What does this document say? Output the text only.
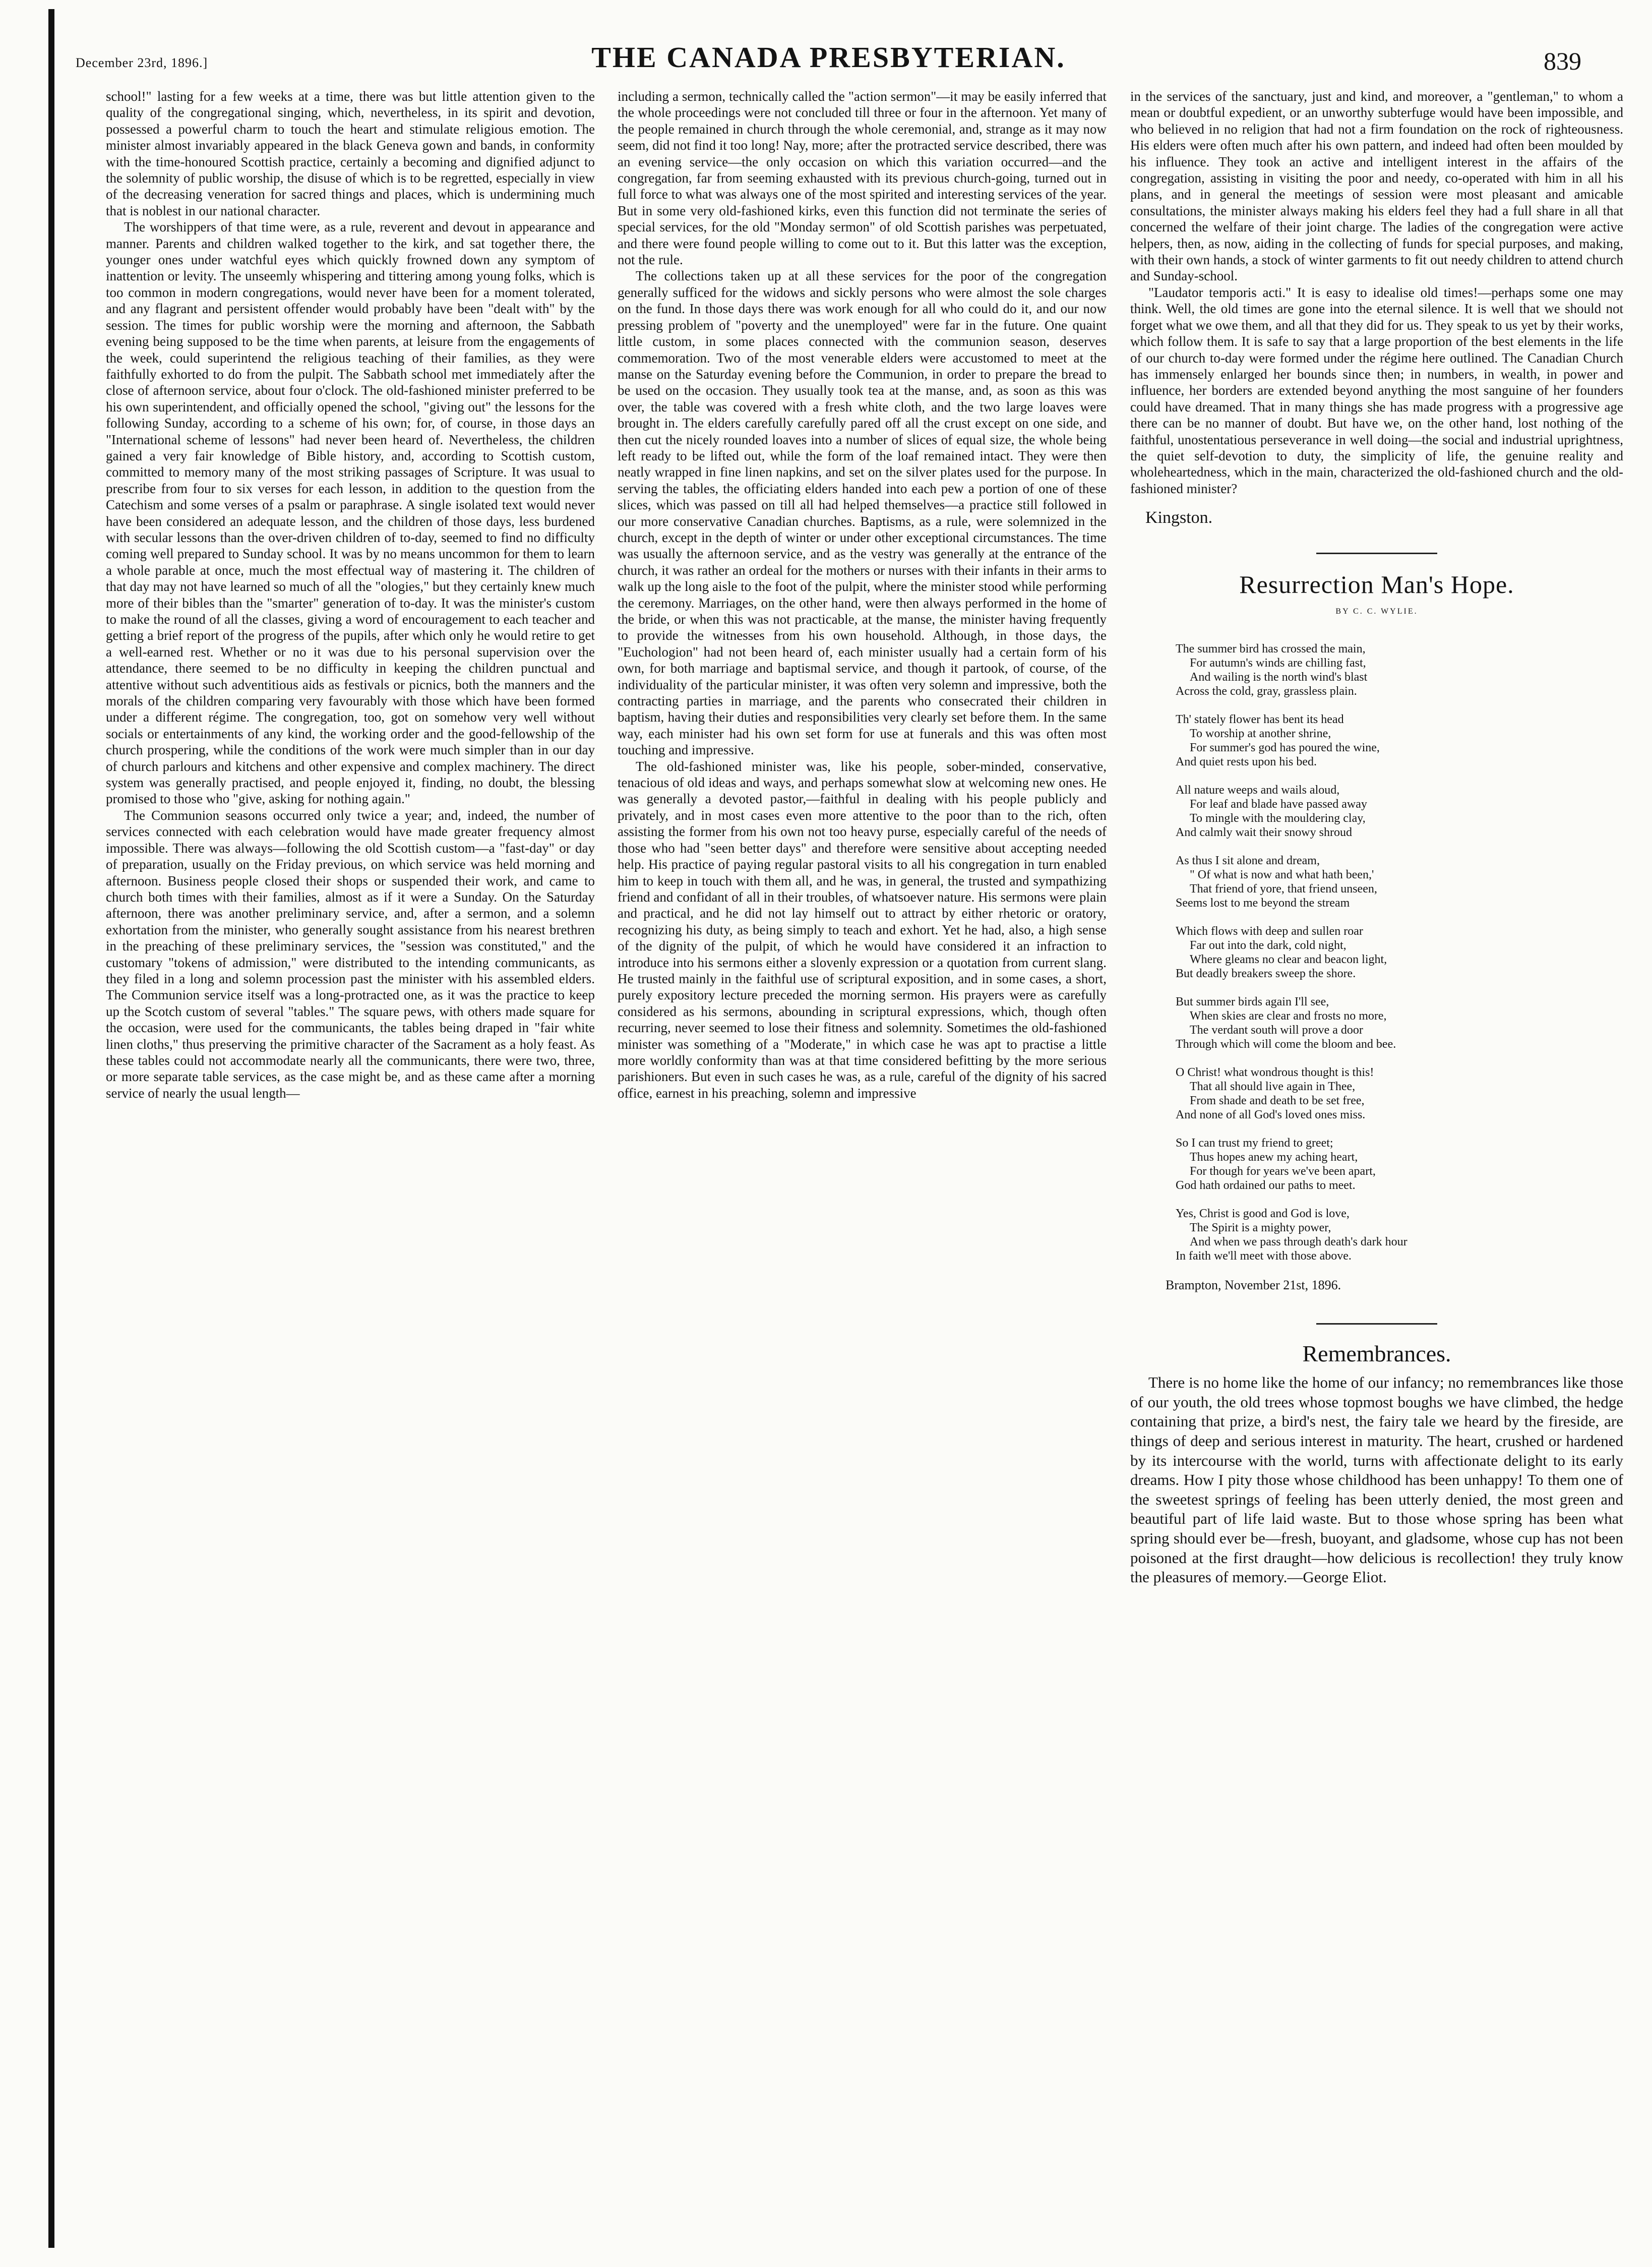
December 23rd, 1896.]	THE CANADA PRESBYTERIAN.	839

school!" lasting for a few weeks at a time, there was but little attention given to the quality of the congregational singing, which, nevertheless, in its spirit and devotion, possessed a powerful charm to touch the heart and stimulate religious emotion. The minister almost invariably appeared in the black Geneva gown and bands, in conformity with the time-honoured Scottish practice, certainly a becoming and dignified adjunct to the solemnity of public worship, the disuse of which is to be regretted, especially in view of the decreasing veneration for sacred things and places, which is undermining much that is noblest in our national character.

The worshippers of that time were, as a rule, reverent and devout in appearance and manner. Parents and children walked together to the kirk, and sat together there, the younger ones under watchful eyes which quickly frowned down any symptom of inattention or levity. The unseemly whispering and tittering among young folks, which is too common in modern congregations, would never have been for a moment tolerated, and any flagrant and persistent offender would probably have been "dealt with" by the session. The times for public worship were the morning and afternoon, the Sabbath evening being supposed to be the time when parents, at leisure from the engagements of the week, could superintend the religious teaching of their families, as they were faithfully exhorted to do from the pulpit. The Sabbath school met immediately after the close of afternoon service, about four o'clock. The old-fashioned minister preferred to be his own superintendent, and officially opened the school, "giving out" the lessons for the following Sunday, according to a scheme of his own; for, of course, in those days an "International scheme of lessons" had never been heard of. Nevertheless, the children gained a very fair knowledge of Bible history, and, according to Scottish custom, committed to memory many of the most striking passages of Scripture. It was usual to prescribe from four to six verses for each lesson, in addition to the question from the Catechism and some verses of a psalm or paraphrase. A single isolated text would never have been considered an adequate lesson, and the children of those days, less burdened with secular lessons than the over-driven children of to-day, seemed to find no difficulty coming well prepared to Sunday school. It was by no means uncommon for them to learn a whole parable at once, much the most effectual way of mastering it. The children of that day may not have learned so much of all the "ologies," but they certainly knew much more of their bibles than the "smarter" generation of to-day. It was the minister's custom to make the round of all the classes, giving a word of encouragement to each teacher and getting a brief report of the progress of the pupils, after which only he would retire to get a well-earned rest. Whether or no it was due to his personal supervision over the attendance, there seemed to be no difficulty in keeping the children punctual and attentive without such adventitious aids as festivals or picnics, both the manners and the morals of the children comparing very favourably with those which have been formed under a different régime. The congregation, too, got on somehow very well without socials or entertainments of any kind, the working order and the good-fellowship of the church prospering, while the conditions of the work were much simpler than in our day of church parlours and kitchens and other expensive and complex machinery. The direct system was generally practised, and people enjoyed it, finding, no doubt, the blessing promised to those who "give, asking for nothing again."

The Communion seasons occurred only twice a year; and, indeed, the number of services connected with each celebration would have made greater frequency almost impossible. There was always—following the old Scottish custom—a "fast-day" or day of preparation, usually on the Friday previous, on which service was held morning and afternoon. Business people closed their shops or suspended their work, and came to church both times with their families, almost as if it were a Sunday. On the Saturday afternoon, there was another preliminary service, and, after a sermon, and a solemn exhortation from the minister, who generally sought assistance from his nearest brethren in the preaching of these preliminary services, the "session was constituted," and the customary "tokens of admission," were distributed to the intending communicants, as they filed in a long and solemn procession past the minister with his assembled elders. The Communion service itself was a long-protracted one, as it was the practice to keep up the Scotch custom of several "tables." The square pews, with others made square for the occasion, were used for the communicants, the tables being draped in "fair white linen cloths," thus preserving the primitive character of the Sacrament as a holy feast. As these tables could not accommodate nearly all the communicants, there were two, three, or more separate table services, as the case might be, and as these came after a morning service of nearly the usual length—

including a sermon, technically called the "action sermon"—it may be easily inferred that the whole proceedings were not concluded till three or four in the afternoon. Yet many of the people remained in church through the whole ceremonial, and, strange as it may now seem, did not find it too long! Nay, more; after the protracted service described, there was an evening service—the only occasion on which this variation occurred—and the congregation, far from seeming exhausted with its previous church-going, turned out in full force to what was always one of the most spirited and interesting services of the year. But in some very old-fashioned kirks, even this function did not terminate the series of special services, for the old "Monday sermon" of old Scottish parishes was perpetuated, and there were found people willing to come out to it. But this latter was the exception, not the rule.

The collections taken up at all these services for the poor of the congregation generally sufficed for the widows and sickly persons who were almost the sole charges on the fund. In those days there was work enough for all who could do it, and our now pressing problem of "poverty and the unemployed" were far in the future. One quaint little custom, in some places connected with the communion season, deserves commemoration. Two of the most venerable elders were accustomed to meet at the manse on the Saturday evening before the Communion, in order to prepare the bread to be used on the occasion. They usually took tea at the manse, and, as soon as this was over, the table was covered with a fresh white cloth, and the two large loaves were brought in. The elders carefully carefully pared off all the crust except on one side, and then cut the nicely rounded loaves into a number of slices of equal size, the whole being left ready to be lifted out, while the form of the loaf remained intact. They were then neatly wrapped in fine linen napkins, and set on the silver plates used for the purpose. In serving the tables, the officiating elders handed into each pew a portion of one of these slices, which was passed on till all had helped themselves—a practice still followed in our more conservative Canadian churches. Baptisms, as a rule, were solemnized in the church, except in the depth of winter or under other exceptional circumstances. The time was usually the afternoon service, and as the vestry was generally at the entrance of the church, it was rather an ordeal for the mothers or nurses with their infants in their arms to walk up the long aisle to the foot of the pulpit, where the minister stood while performing the ceremony. Marriages, on the other hand, were then always performed in the home of the bride, or when this was not practicable, at the manse, the minister having frequently to provide the witnesses from his own household. Although, in those days, the "Euchologion" had not been heard of, each minister usually had a certain form of his own, for both marriage and baptismal service, and though it partook, of course, of the individuality of the particular minister, it was often very solemn and impressive, both the contracting parties in marriage, and the parents who consecrated their children in baptism, having their duties and responsibilities very clearly set before them. In the same way, each minister had his own set form for use at funerals and this was often most touching and impressive.

The old-fashioned minister was, like his people, sober-minded, conservative, tenacious of old ideas and ways, and perhaps somewhat slow at welcoming new ones. He was generally a devoted pastor,—faithful in dealing with his people publicly and privately, and in most cases even more attentive to the poor than to the rich, often assisting the former from his own not too heavy purse, especially careful of the needs of those who had "seen better days" and therefore were sensitive about accepting needed help. His practice of paying regular pastoral visits to all his congregation in turn enabled him to keep in touch with them all, and he was, in general, the trusted and sympathizing friend and confidant of all in their troubles, of whatsoever nature. His sermons were plain and practical, and he did not lay himself out to attract by either rhetoric or oratory, recognizing his duty, as being simply to teach and exhort. Yet he had, also, a high sense of the dignity of the pulpit, of which he would have considered it an infraction to introduce into his sermons either a slovenly expression or a quotation from current slang. He trusted mainly in the faithful use of scriptural exposition, and in some cases, a short, purely expository lecture preceded the morning sermon. His prayers were as carefully considered as his sermons, abounding in scriptural expressions, which, though often recurring, never seemed to lose their fitness and solemnity. Sometimes the old-fashioned minister was something of a "Moderate," in which case he was apt to practise a little more worldly conformity than was at that time considered befitting by the more serious parishioners. But even in such cases he was, as a rule, careful of the dignity of his sacred office, earnest in his preaching, solemn and impressive

in the services of the sanctuary, just and kind, and moreover, a "gentleman," to whom a mean or doubtful expedient, or an unworthy subterfuge would have been impossible, and who believed in no religion that had not a firm foundation on the rock of righteousness. His elders were often much after his own pattern, and indeed had often been moulded by his influence. They took an active and intelligent interest in the affairs of the congregation, assisting in visiting the poor and needy, co-operated with him in all his plans, and in general the meetings of session were most pleasant and amicable consultations, the minister always making his elders feel they had a full share in all that concerned the welfare of their joint charge. The ladies of the congregation were active helpers, then, as now, aiding in the collecting of funds for special purposes, and making, with their own hands, a stock of winter garments to fit out needy children to attend church and Sunday-school.

"Laudator temporis acti." It is easy to idealise old times!—perhaps some one may think. Well, the old times are gone into the eternal silence. It is well that we should not forget what we owe them, and all that they did for us. They speak to us yet by their works, which follow them. It is safe to say that a large proportion of the best elements in the life of our church to-day were formed under the régime here outlined. The Canadian Church has immensely enlarged her bounds since then; in numbers, in wealth, in power and influence, her borders are extended beyond anything the most sanguine of her founders could have dreamed. That in many things she has made progress with a progressive age there can be no manner of doubt. But have we, on the other hand, lost nothing of the faithful, unostentatious perseverance in well doing—the social and industrial uprightness, the quiet self-devotion to duty, the simplicity of life, the genuine reality and wholeheartedness, which in the main, characterized the old-fashioned church and the old-fashioned minister?

Kingston.
Resurrection Man's Hope.
BY C. C. WYLIE.
The summer bird has crossed the main,
For autumn's winds are chilling fast,
And wailing is the north wind's blast
Across the cold, gray, grassless plain.
Th' stately flower has bent its head
To worship at another shrine,
For summer's god has poured the wine,
And quiet rests upon his bed.
All nature weeps and wails aloud,
For leaf and blade have passed away
To mingle with the mouldering clay,
And calmly wait their snowy shroud
As thus I sit alone and dream,
" Of what is now and what hath been,'
That friend of yore, that friend unseen,
Seems lost to me beyond the stream
Which flows with deep and sullen roar
Far out into the dark, cold night,
Where gleams no clear and beacon light,
But deadly breakers sweep the shore.
But summer birds again I'll see,
When skies are clear and frosts no more,
The verdant south will prove a door
Through which will come the bloom and bee.
O Christ! what wondrous thought is this!
That all should live again in Thee,
From shade and death to be set free,
And none of all God's loved ones miss.
So I can trust my friend to greet;
Thus hopes anew my aching heart,
For though for years we've been apart,
God hath ordained our paths to meet.
Yes, Christ is good and God is love,
The Spirit is a mighty power,
And when we pass through death's dark hour
In faith we'll meet with those above.
Brampton, November 21st, 1896.
Remembrances.

There is no home like the home of our infancy; no remembrances like those of our youth, the old trees whose topmost boughs we have climbed, the hedge containing that prize, a bird's nest, the fairy tale we heard by the fireside, are things of deep and serious interest in maturity. The heart, crushed or hardened by its intercourse with the world, turns with affectionate delight to its early dreams. How I pity those whose childhood has been unhappy! To them one of the sweetest springs of feeling has been utterly denied, the most green and beautiful part of life laid waste. But to those whose spring has been what spring should ever be—fresh, buoyant, and gladsome, whose cup has not been poisoned at the first draught—how delicious is recollection! they truly know the pleasures of memory.—George Eliot.
